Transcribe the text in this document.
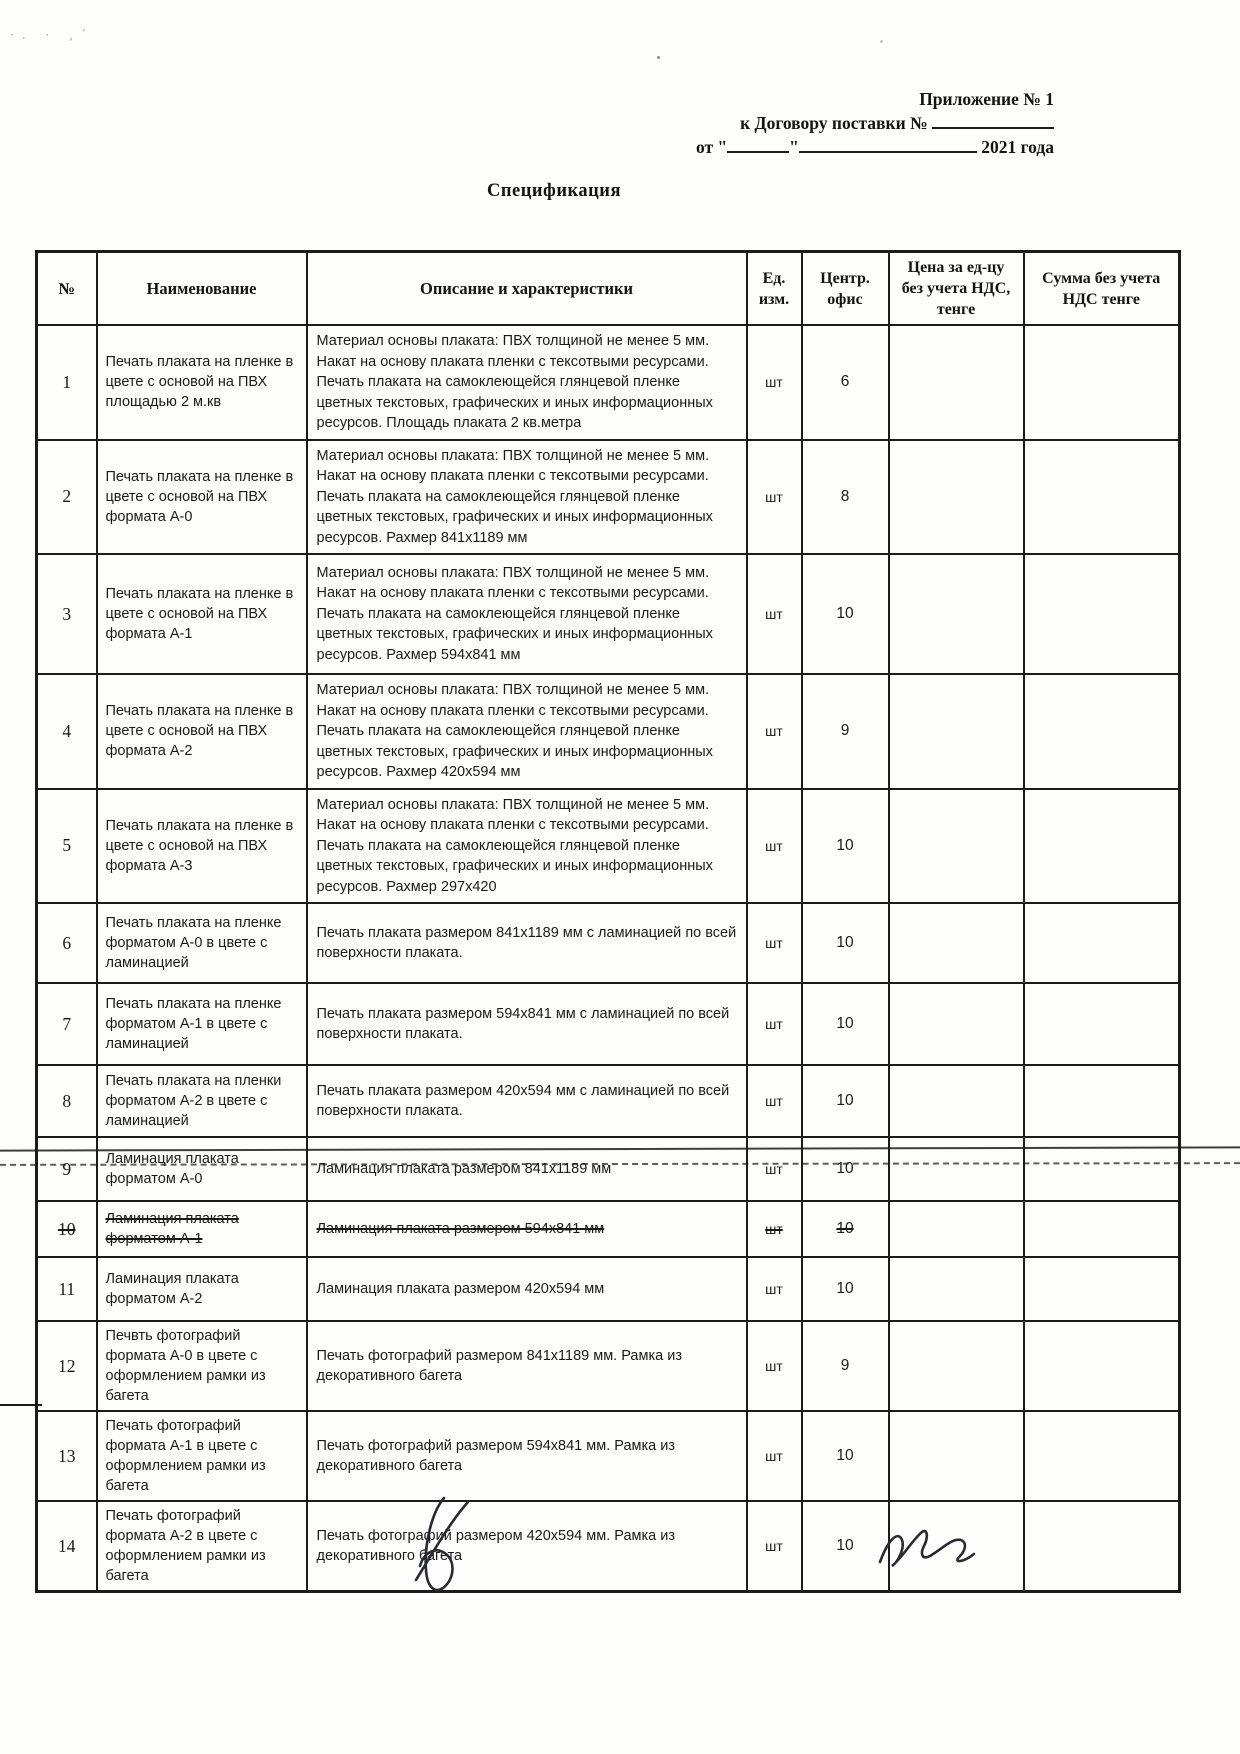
·. · ⸲΄
Приложение № 1
к Договору поставки №
от "	"	2021 года
Спецификация
№	Наименование	Описание и характеристики	Ед. изм.	Центр. офис	Цена за ед-цу без учета НДС, тенге	Сумма без учета НДС тенге
1	Печать плаката на пленке в цвете с основой на ПВХ площадью 2 м.кв	Материал основы плаката: ПВХ толщиной не менее 5 мм. Накат на основу плаката пленки с тексотвыми ресурсами. Печать плаката на самоклеющейся глянцевой пленке цветных текстовых, графических и иных информационных ресурсов. Площадь плаката 2 кв.метра	шт	6		
2	Печать плаката на пленке в цвете с основой на ПВХ формата А-0	Материал основы плаката: ПВХ толщиной не менее 5 мм. Накат на основу плаката пленки с тексотвыми ресурсами. Печать плаката на самоклеющейся глянцевой пленке цветных текстовых, графических и иных информационных ресурсов. Рахмер 841х1189 мм	шт	8		
3	Печать плаката на пленке в цвете с основой на ПВХ формата А-1	Материал основы плаката: ПВХ толщиной не менее 5 мм. Накат на основу плаката пленки с тексотвыми ресурсами. Печать плаката на самоклеющейся глянцевой пленке цветных текстовых, графических и иных информационных ресурсов. Рахмер 594х841 мм	шт	10		
4	Печать плаката на пленке в цвете с основой на ПВХ формата А-2	Материал основы плаката: ПВХ толщиной не менее 5 мм. Накат на основу плаката пленки с тексотвыми ресурсами. Печать плаката на самоклеющейся глянцевой пленке цветных текстовых, графических и иных информационных ресурсов. Рахмер 420х594 мм	шт	9		
5	Печать плаката на пленке в цвете с основой на ПВХ формата А-3	Материал основы плаката: ПВХ толщиной не менее 5 мм. Накат на основу плаката пленки с тексотвыми ресурсами. Печать плаката на самоклеющейся глянцевой пленке цветных текстовых, графических и иных информационных ресурсов. Рахмер 297х420	шт	10		
6	Печать плаката на пленке форматом А-0 в цвете с ламинацией	Печать плаката размером 841х1189 мм с ламинацией по всей поверхности плаката.	шт	10		
7	Печать плаката на пленке форматом А-1 в цвете с ламинацией	Печать плаката размером 594х841 мм с ламинацией по всей поверхности плаката.	шт	10		
8	Печать плаката на пленки форматом А-2 в цвете с ламинацией	Печать плаката размером 420х594 мм с ламинацией по всей поверхности плаката.	шт	10		
9	Ламинация плаката форматом А-0	Ламинация плаката размером 841х1189 мм	шт	10		
10	Ламинация плаката форматом А-1	Ламинация плаката размером 594х841 мм	шт	10		
11	Ламинация плаката форматом А-2	Ламинация плаката размером 420х594 мм	шт	10		
12	Печвть фотографий формата А-0 в цвете с оформлением рамки из багета	Печать фотографий размером 841х1189 мм. Рамка из декоративного багета	шт	9		
13	Печать фотографий формата А-1 в цвете с оформлением рамки из багета	Печать фотографий размером 594х841 мм. Рамка из декоративного багета	шт	10		
14	Печать фотографий формата А-2 в цвете с оформлением рамки из багета	Печать фотографий размером 420х594 мм. Рамка из декоративного багета	шт	10		
